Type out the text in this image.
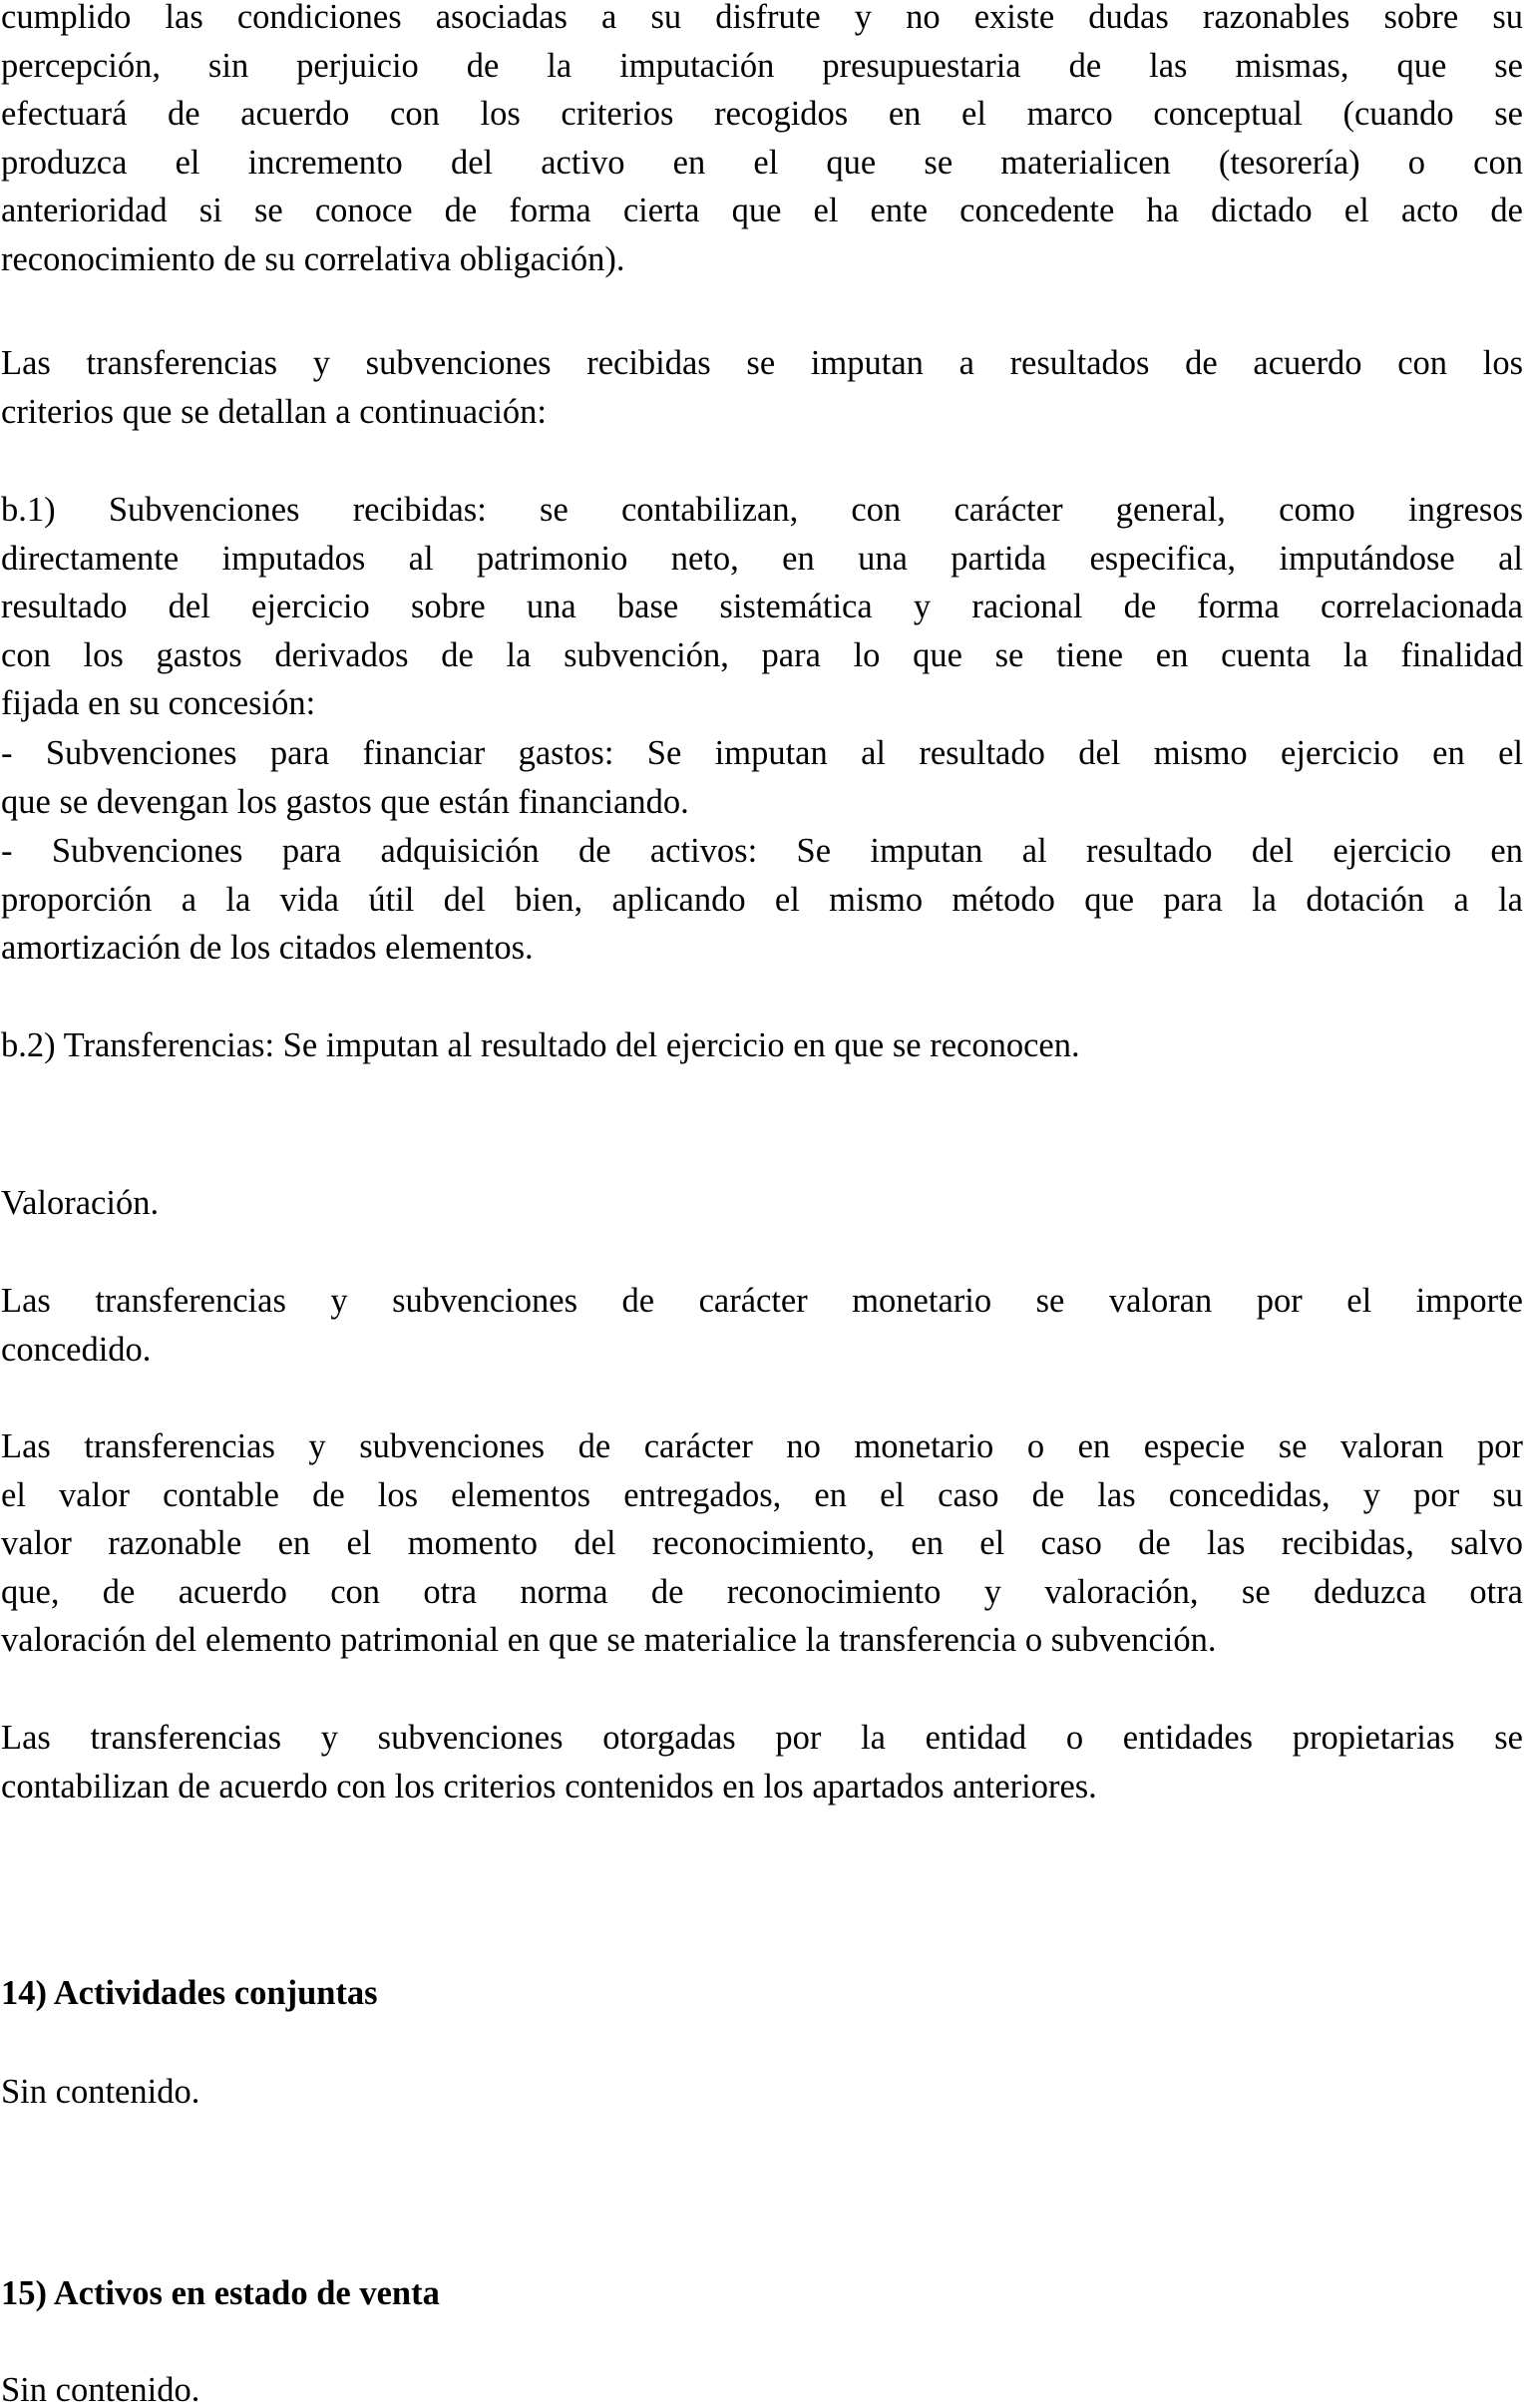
cumplido las condiciones asociadas a su disfrute y no existe dudas razonables sobre su
percepción, sin perjuicio de la imputación presupuestaria de las mismas, que se
efectuará de acuerdo con los criterios recogidos en el marco conceptual (cuando se
produzca el incremento del activo en el que se materialicen (tesorería) o con
anterioridad si se conoce de forma cierta que el ente concedente ha dictado el acto de
reconocimiento de su correlativa obligación).

Las transferencias y subvenciones recibidas se imputan a resultados de acuerdo con los
criterios que se detallan a continuación:

b.1) Subvenciones recibidas: se contabilizan, con carácter general, como ingresos
directamente imputados al patrimonio neto, en una partida especifica, imputándose al
resultado del ejercicio sobre una base sistemática y racional de forma correlacionada
con los gastos derivados de la subvención, para lo que se tiene en cuenta la finalidad
fijada en su concesión:

- Subvenciones para financiar gastos: Se imputan al resultado del mismo ejercicio en el
que se devengan los gastos que están financiando.

- Subvenciones para adquisición de activos: Se imputan al resultado del ejercicio en
proporción a la vida útil del bien, aplicando el mismo método que para la dotación a la
amortización de los citados elementos.

b.2) Transferencias: Se imputan al resultado del ejercicio en que se reconocen.

Valoración.

Las transferencias y subvenciones de carácter monetario se valoran por el importe
concedido.

Las transferencias y subvenciones de carácter no monetario o en especie se valoran por
el valor contable de los elementos entregados, en el caso de las concedidas, y por su
valor razonable en el momento del reconocimiento, en el caso de las recibidas, salvo
que, de acuerdo con otra norma de reconocimiento y valoración, se deduzca otra
valoración del elemento patrimonial en que se materialice la transferencia o subvención.

Las transferencias y subvenciones otorgadas por la entidad o entidades propietarias se
contabilizan de acuerdo con los criterios contenidos en los apartados anteriores.

14) Actividades conjuntas

Sin contenido.

15) Activos en estado de venta

Sin contenido.
